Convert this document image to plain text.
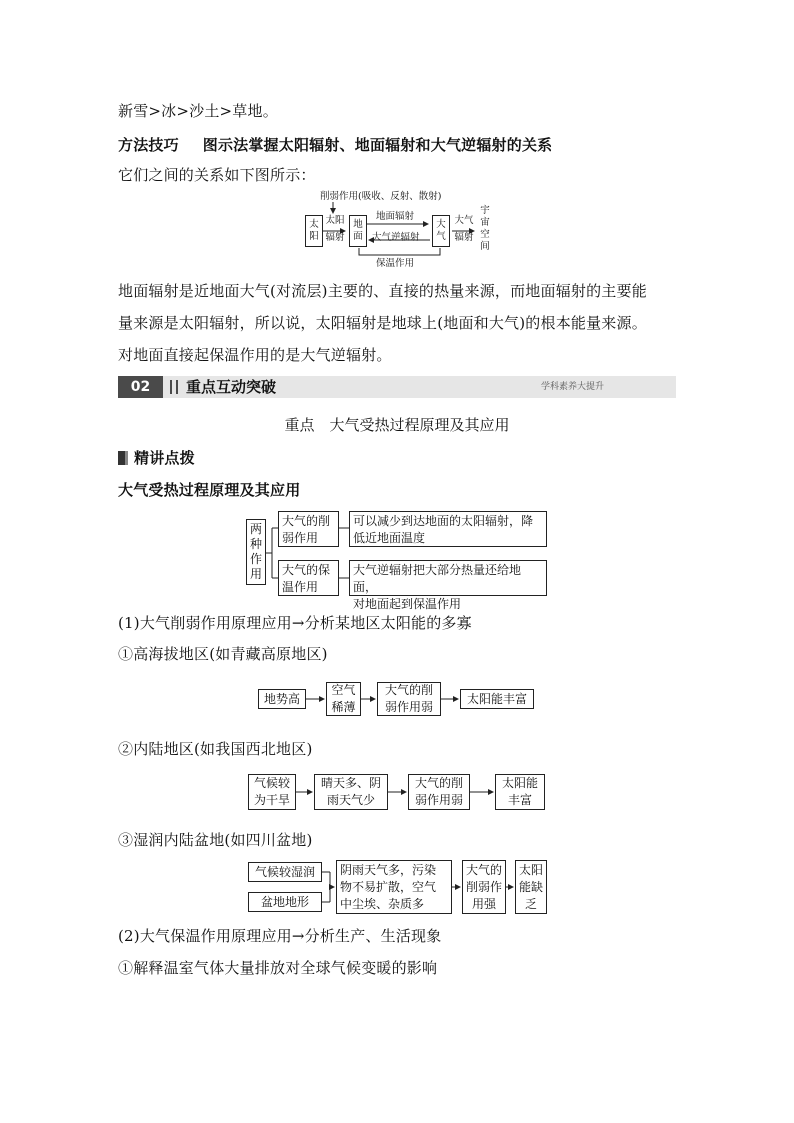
新雪>冰>沙土>草地。
方法技巧 图示法掌握太阳辐射、地面辐射和大气逆辐射的关系
它们之间的关系如下图所示：
削弱作用(吸收、反射、散射)
太
阳
太阳
辐射
地
面
地面辐射
大气逆辐射
大
气
大气
辐射
宇
宙
空
间
保温作用
地面辐射是近地面大气(对流层)主要的、直接的热量来源，而地面辐射的主要能
量来源是太阳辐射，所以说，太阳辐射是地球上(地面和大气)的根本能量来源。
对地面直接起保温作用的是大气逆辐射。
02	重点互动突破	学科素养大提升
重点　大气受热过程原理及其应用
精讲点拨
大气受热过程原理及其应用
两
种
作
用
大气的削
弱作用
可以减少到达地面的太阳辐射，降
低近地面温度
大气的保
温作用
大气逆辐射把大部分热量还给地面，
对地面起到保温作用
(1)大气削弱作用原理应用→分析某地区太阳能的多寡
①高海拔地区(如青藏高原地区)
地势高
空气
稀薄
大气的削
弱作用弱
太阳能丰富
②内陆地区(如我国西北地区)
气候较
为干旱
晴天多、阴
雨天气少
大气的削
弱作用弱
太阳能
丰富
③湿润内陆盆地(如四川盆地)
气候较湿润
盆地地形
阴雨天气多，污染
物不易扩散，空气
中尘埃、杂质多
大气的
削弱作
用强
太阳
能缺
乏
(2)大气保温作用原理应用→分析生产、生活现象
①解释温室气体大量排放对全球气候变暖的影响
